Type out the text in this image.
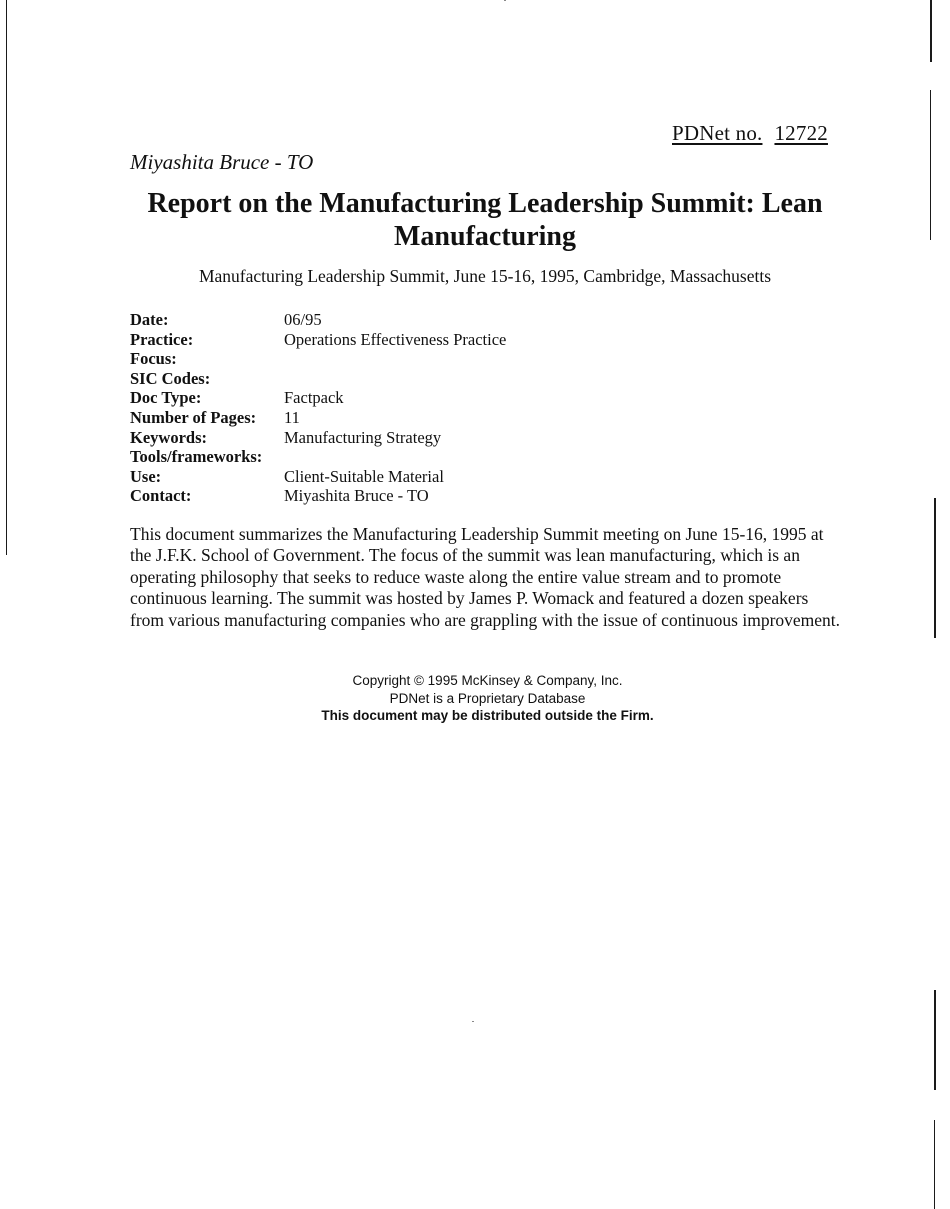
PDNet no. 12722
Miyashita Bruce - TO
Report on the Manufacturing Leadership Summit: Lean Manufacturing
Manufacturing Leadership Summit, June 15-16, 1995, Cambridge, Massachusetts
Date:	06/95
Practice:	Operations Effectiveness Practice
Focus:
SIC Codes:
Doc Type:	Factpack
Number of Pages:	11
Keywords:	Manufacturing Strategy
Tools/frameworks:
Use:	Client-Suitable Material
Contact:	Miyashita Bruce - TO
This document summarizes the Manufacturing Leadership Summit meeting on June 15-16, 1995 at the J.F.K. School of Government. The focus of the summit was lean manufacturing, which is an operating philosophy that seeks to reduce waste along the entire value stream and to promote continuous learning. The summit was hosted by James P. Womack and featured a dozen speakers from various manufacturing companies who are grappling with the issue of continuous improvement.
Copyright © 1995 McKinsey & Company, Inc.
PDNet is a Proprietary Database
This document may be distributed outside the Firm.
